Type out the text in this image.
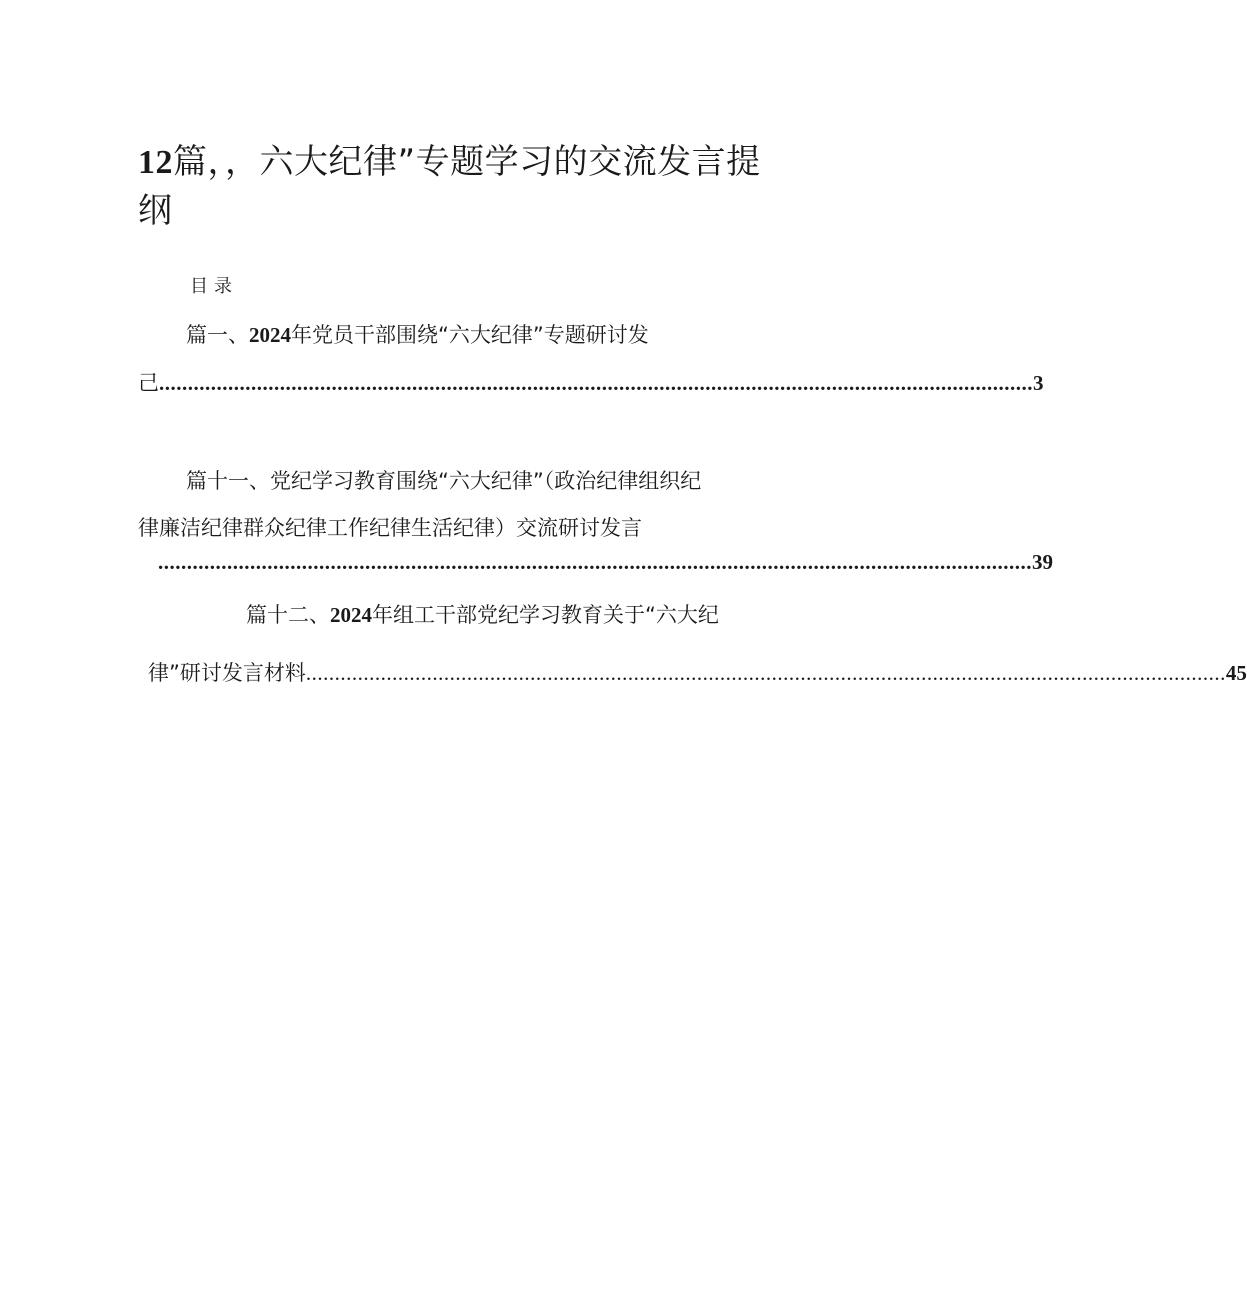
12篇，，六大纪律”专题学习的交流发言提
纲
目录
篇一、2024年党员干部围绕“六大纪律”专题研讨发
己 ........................................................................................................................................................ 3
篇十一、党纪学习教育围绕“六大纪律”（政治纪律组织纪
律廉洁纪律群众纪律工作纪律生活纪律）交流研讨发言
........................................................................................................................................................ 39
篇十二、2024年组工干部党纪学习教育关于“六大纪
律”研讨发言材料 ................................................................................................................................................................ 45
